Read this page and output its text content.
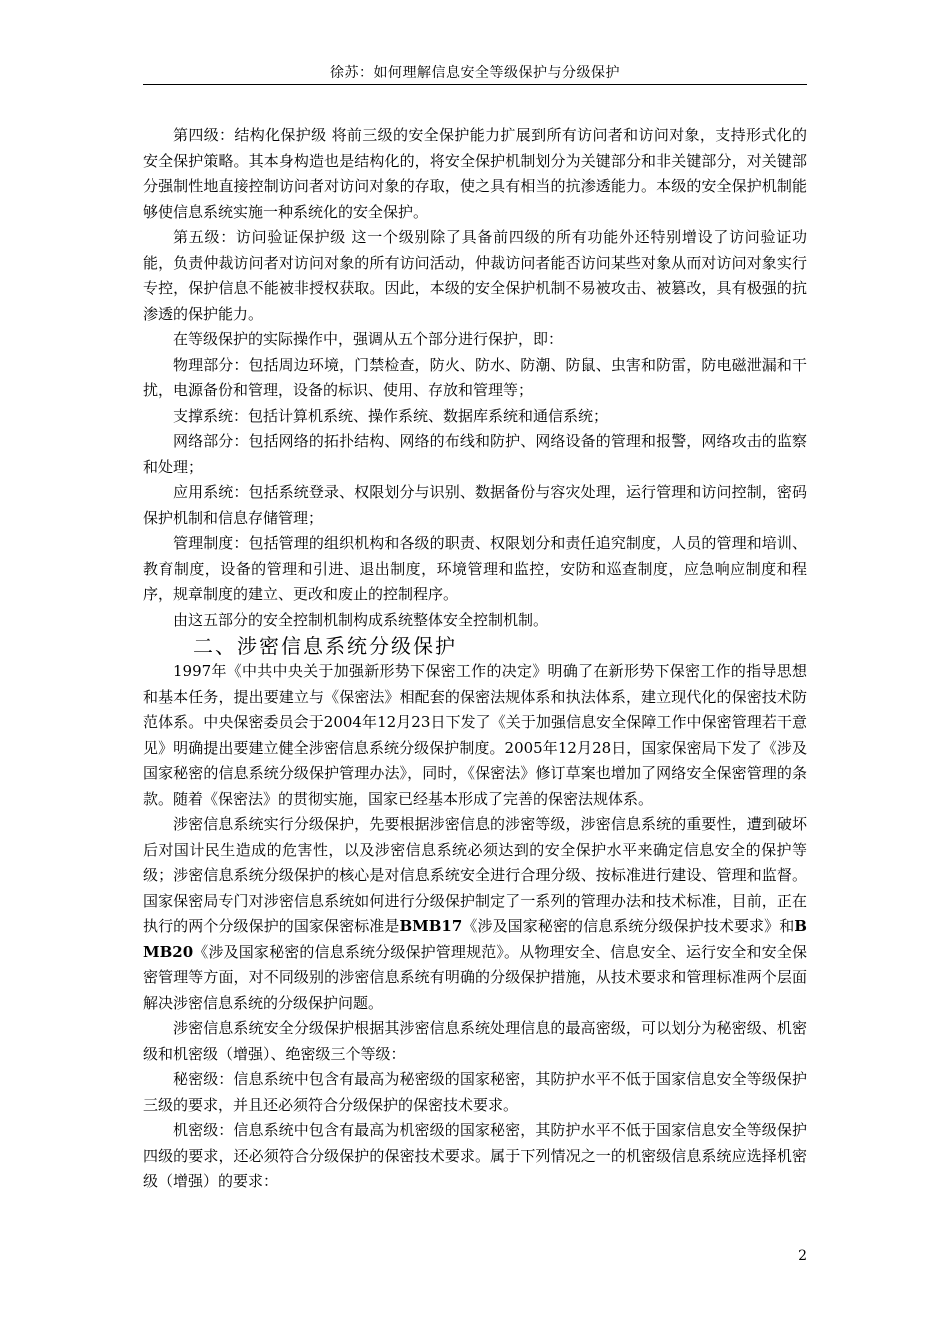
徐苏：如何理解信息安全等级保护与分级保护

第四级：结构化保护级 将前三级的安全保护能力扩展到所有访问者和访问对象，支持形式化的安全保护策略。其本身构造也是结构化的，将安全保护机制划分为关键部分和非关键部分，对关键部分强制性地直接控制访问者对访问对象的存取，使之具有相当的抗渗透能力。本级的安全保护机制能够使信息系统实施一种系统化的安全保护。

第五级：访问验证保护级 这一个级别除了具备前四级的所有功能外还特别增设了访问验证功能，负责仲裁访问者对访问对象的所有访问活动，仲裁访问者能否访问某些对象从而对访问对象实行专控，保护信息不能被非授权获取。因此，本级的安全保护机制不易被攻击、被篡改，具有极强的抗渗透的保护能力。

在等级保护的实际操作中，强调从五个部分进行保护，即：

物理部分：包括周边环境，门禁检查，防火、防水、防潮、防鼠、虫害和防雷，防电磁泄漏和干扰，电源备份和管理，设备的标识、使用、存放和管理等；

支撑系统：包括计算机系统、操作系统、数据库系统和通信系统；

网络部分：包括网络的拓扑结构、网络的布线和防护、网络设备的管理和报警，网络攻击的监察和处理；

应用系统：包括系统登录、权限划分与识别、数据备份与容灾处理，运行管理和访问控制，密码保护机制和信息存储管理；

管理制度：包括管理的组织机构和各级的职责、权限划分和责任追究制度，人员的管理和培训、教育制度，设备的管理和引进、退出制度，环境管理和监控，安防和巡查制度，应急响应制度和程序，规章制度的建立、更改和废止的控制程序。

由这五部分的安全控制机制构成系统整体安全控制机制。

二、涉密信息系统分级保护

1997年《中共中央关于加强新形势下保密工作的决定》明确了在新形势下保密工作的指导思想和基本任务，提出要建立与《保密法》相配套的保密法规体系和执法体系，建立现代化的保密技术防范体系。中央保密委员会于2004年12月23日下发了《关于加强信息安全保障工作中保密管理若干意见》明确提出要建立健全涉密信息系统分级保护制度。2005年12月28日，国家保密局下发了《涉及国家秘密的信息系统分级保护管理办法》，同时，《保密法》修订草案也增加了网络安全保密管理的条款。随着《保密法》的贯彻实施，国家已经基本形成了完善的保密法规体系。

涉密信息系统实行分级保护，先要根据涉密信息的涉密等级，涉密信息系统的重要性，遭到破坏后对国计民生造成的危害性，以及涉密信息系统必须达到的安全保护水平来确定信息安全的保护等级；涉密信息系统分级保护的核心是对信息系统安全进行合理分级、按标准进行建设、管理和监督。国家保密局专门对涉密信息系统如何进行分级保护制定了一系列的管理办法和技术标准，目前，正在执行的两个分级保护的国家保密标准是BMB17《涉及国家秘密的信息系统分级保护技术要求》和BMB20《涉及国家秘密的信息系统分级保护管理规范》。从物理安全、信息安全、运行安全和安全保密管理等方面，对不同级别的涉密信息系统有明确的分级保护措施，从技术要求和管理标准两个层面解决涉密信息系统的分级保护问题。

涉密信息系统安全分级保护根据其涉密信息系统处理信息的最高密级，可以划分为秘密级、机密级和机密级（增强）、绝密级三个等级：

秘密级：信息系统中包含有最高为秘密级的国家秘密，其防护水平不低于国家信息安全等级保护三级的要求，并且还必须符合分级保护的保密技术要求。

机密级：信息系统中包含有最高为机密级的国家秘密，其防护水平不低于国家信息安全等级保护四级的要求，还必须符合分级保护的保密技术要求。属于下列情况之一的机密级信息系统应选择机密级（增强）的要求：

2
